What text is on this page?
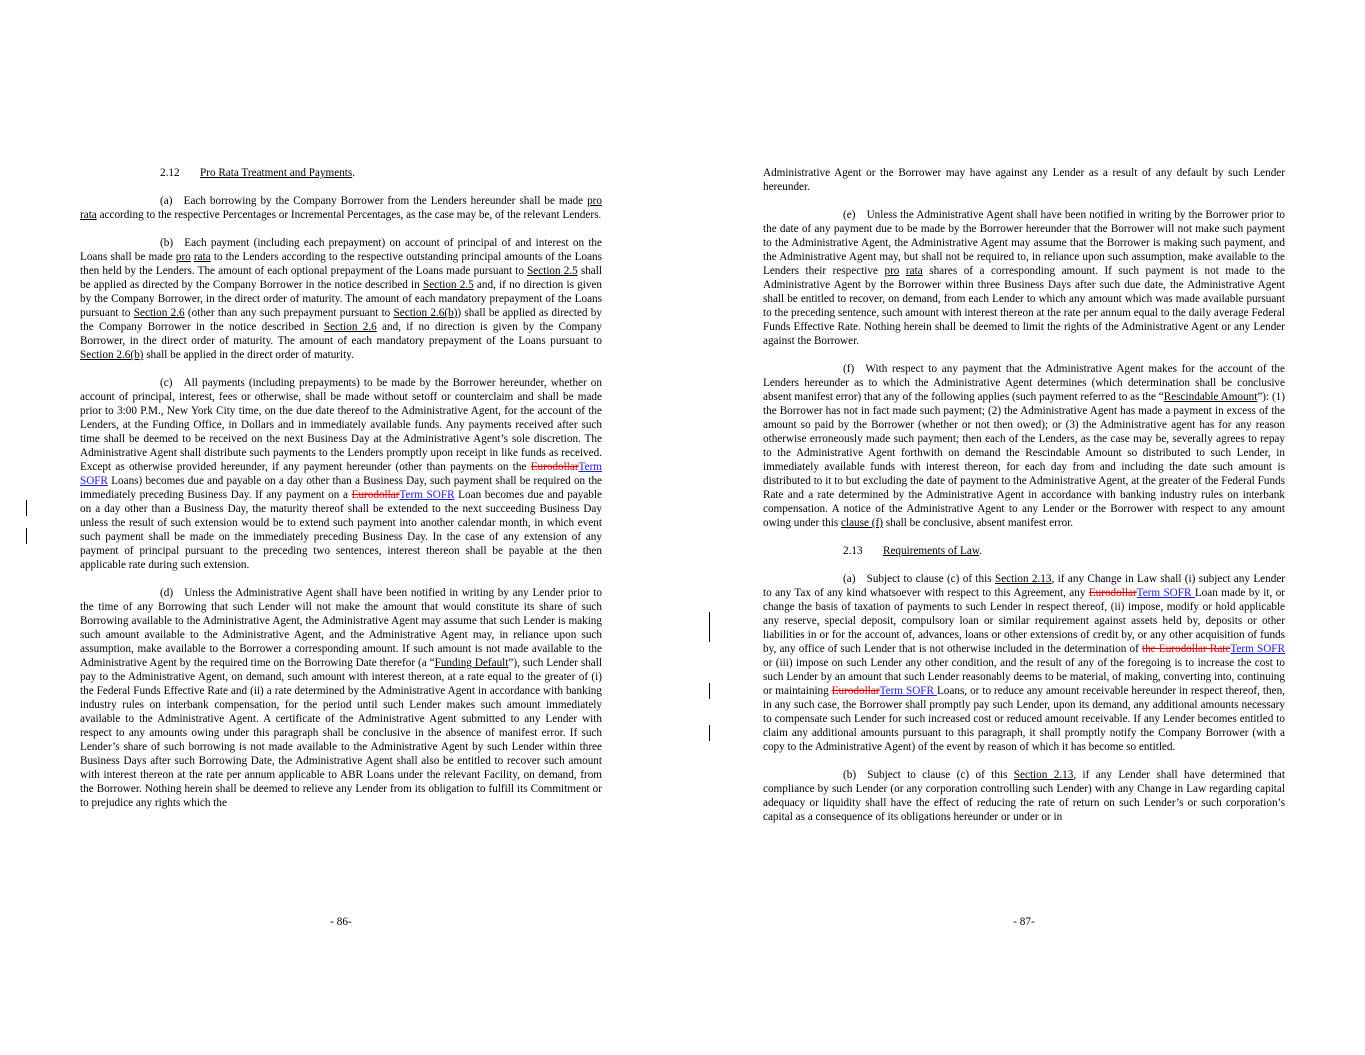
2.12 Pro Rata Treatment and Payments.

(a) Each borrowing by the Company Borrower from the Lenders hereunder shall be made pro rata according to the respective Percentages or Incremental Percentages, as the case may be, of the relevant Lenders.

(b) Each payment (including each prepayment) on account of principal of and interest on the Loans shall be made pro rata to the Lenders according to the respective outstanding principal amounts of the Loans then held by the Lenders. The amount of each optional prepayment of the Loans made pursuant to Section 2.5 shall be applied as directed by the Company Borrower in the notice described in Section 2.5 and, if no direction is given by the Company Borrower, in the direct order of maturity. The amount of each mandatory prepayment of the Loans pursuant to Section 2.6 (other than any such prepayment pursuant to Section 2.6(b)) shall be applied as directed by the Company Borrower in the notice described in Section 2.6 and, if no direction is given by the Company Borrower, in the direct order of maturity. The amount of each mandatory prepayment of the Loans pursuant to Section 2.6(b) shall be applied in the direct order of maturity.

(c) All payments (including prepayments) to be made by the Borrower hereunder, whether on account of principal, interest, fees or otherwise, shall be made without setoff or counterclaim and shall be made prior to 3:00 P.M., New York City time, on the due date thereof to the Administrative Agent, for the account of the Lenders, at the Funding Office, in Dollars and in immediately available funds. Any payments received after such time shall be deemed to be received on the next Business Day at the Administrative Agent’s sole discretion. The Administrative Agent shall distribute such payments to the Lenders promptly upon receipt in like funds as received. Except as otherwise provided hereunder, if any payment hereunder (other than payments on the EurodollarTerm SOFR Loans) becomes due and payable on a day other than a Business Day, such payment shall be required on the immediately preceding Business Day. If any payment on a EurodollarTerm SOFR Loan becomes due and payable on a day other than a Business Day, the maturity thereof shall be extended to the next succeeding Business Day unless the result of such extension would be to extend such payment into another calendar month, in which event such payment shall be made on the immediately preceding Business Day. In the case of any extension of any payment of principal pursuant to the preceding two sentences, interest thereon shall be payable at the then applicable rate during such extension.

(d) Unless the Administrative Agent shall have been notified in writing by any Lender prior to the time of any Borrowing that such Lender will not make the amount that would constitute its share of such Borrowing available to the Administrative Agent, the Administrative Agent may assume that such Lender is making such amount available to the Administrative Agent, and the Administrative Agent may, in reliance upon such assumption, make available to the Borrower a corresponding amount. If such amount is not made available to the Administrative Agent by the required time on the Borrowing Date therefor (a “Funding Default”), such Lender shall pay to the Administrative Agent, on demand, such amount with interest thereon, at a rate equal to the greater of (i) the Federal Funds Effective Rate and (ii) a rate determined by the Administrative Agent in accordance with banking industry rules on interbank compensation, for the period until such Lender makes such amount immediately available to the Administrative Agent. A certificate of the Administrative Agent submitted to any Lender with respect to any amounts owing under this paragraph shall be conclusive in the absence of manifest error. If such Lender’s share of such borrowing is not made available to the Administrative Agent by such Lender within three Business Days after such Borrowing Date, the Administrative Agent shall also be entitled to recover such amount with interest thereon at the rate per annum applicable to ABR Loans under the relevant Facility, on demand, from the Borrower. Nothing herein shall be deemed to relieve any Lender from its obligation to fulfill its Commitment or to prejudice any rights which the

- 86-

Administrative Agent or the Borrower may have against any Lender as a result of any default by such Lender hereunder.

(e) Unless the Administrative Agent shall have been notified in writing by the Borrower prior to the date of any payment due to be made by the Borrower hereunder that the Borrower will not make such payment to the Administrative Agent, the Administrative Agent may assume that the Borrower is making such payment, and the Administrative Agent may, but shall not be required to, in reliance upon such assumption, make available to the Lenders their respective pro rata shares of a corresponding amount. If such payment is not made to the Administrative Agent by the Borrower within three Business Days after such due date, the Administrative Agent shall be entitled to recover, on demand, from each Lender to which any amount which was made available pursuant to the preceding sentence, such amount with interest thereon at the rate per annum equal to the daily average Federal Funds Effective Rate. Nothing herein shall be deemed to limit the rights of the Administrative Agent or any Lender against the Borrower.

(f) With respect to any payment that the Administrative Agent makes for the account of the Lenders hereunder as to which the Administrative Agent determines (which determination shall be conclusive absent manifest error) that any of the following applies (such payment referred to as the “Rescindable Amount”): (1) the Borrower has not in fact made such payment; (2) the Administrative Agent has made a payment in excess of the amount so paid by the Borrower (whether or not then owed); or (3) the Administrative agent has for any reason otherwise erroneously made such payment; then each of the Lenders, as the case may be, severally agrees to repay to the Administrative Agent forthwith on demand the Rescindable Amount so distributed to such Lender, in immediately available funds with interest thereon, for each day from and including the date such amount is distributed to it to but excluding the date of payment to the Administrative Agent, at the greater of the Federal Funds Rate and a rate determined by the Administrative Agent in accordance with banking industry rules on interbank compensation. A notice of the Administrative Agent to any Lender or the Borrower with respect to any amount owing under this clause (f) shall be conclusive, absent manifest error.

2.13 Requirements of Law.

(a) Subject to clause (c) of this Section 2.13, if any Change in Law shall (i) subject any Lender to any Tax of any kind whatsoever with respect to this Agreement, any EurodollarTerm SOFR Loan made by it, or change the basis of taxation of payments to such Lender in respect thereof, (ii) impose, modify or hold applicable any reserve, special deposit, compulsory loan or similar requirement against assets held by, deposits or other liabilities in or for the account of, advances, loans or other extensions of credit by, or any other acquisition of funds by, any office of such Lender that is not otherwise included in the determination of the Eurodollar RateTerm SOFR or (iii) impose on such Lender any other condition, and the result of any of the foregoing is to increase the cost to such Lender by an amount that such Lender reasonably deems to be material, of making, converting into, continuing or maintaining EurodollarTerm SOFR Loans, or to reduce any amount receivable hereunder in respect thereof, then, in any such case, the Borrower shall promptly pay such Lender, upon its demand, any additional amounts necessary to compensate such Lender for such increased cost or reduced amount receivable. If any Lender becomes entitled to claim any additional amounts pursuant to this paragraph, it shall promptly notify the Company Borrower (with a copy to the Administrative Agent) of the event by reason of which it has become so entitled.

(b) Subject to clause (c) of this Section 2.13, if any Lender shall have determined that compliance by such Lender (or any corporation controlling such Lender) with any Change in Law regarding capital adequacy or liquidity shall have the effect of reducing the rate of return on such Lender’s or such corporation’s capital as a consequence of its obligations hereunder or under or in

- 87-
